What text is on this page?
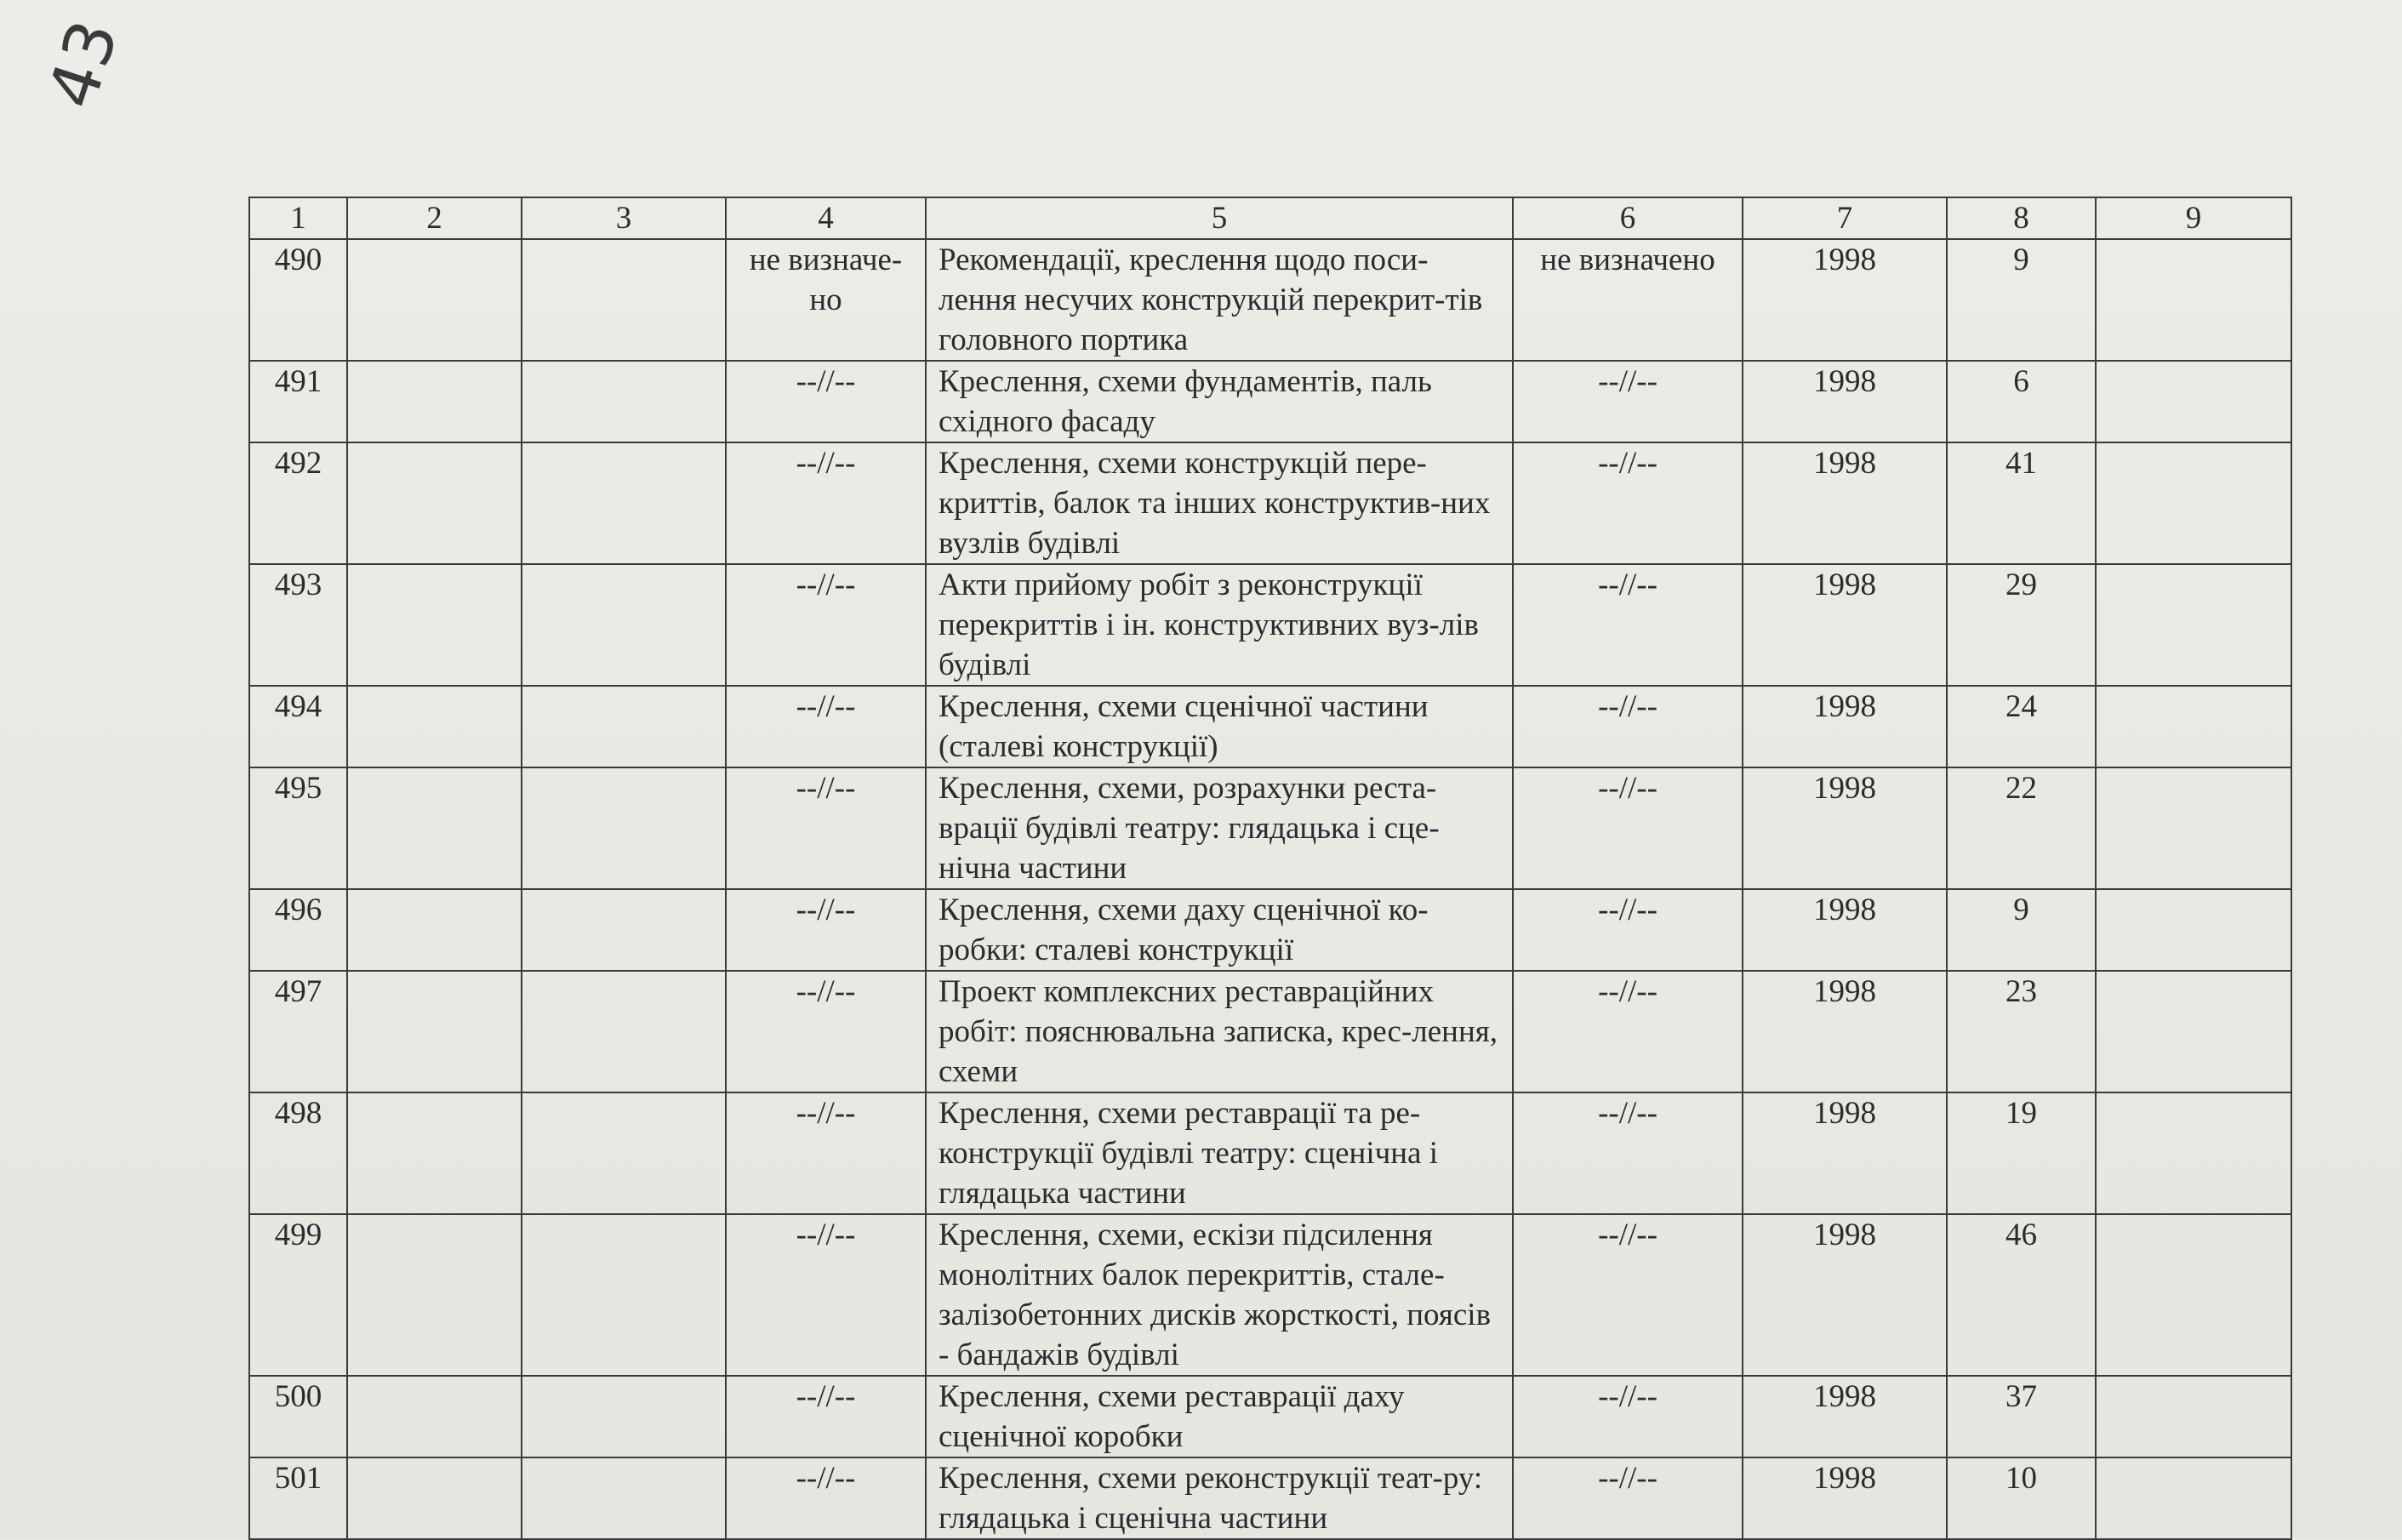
43
1	2	3	4	5	6	7	8	9
490			не визначе-но	Рекомендації, креслення щодо поси-лення несучих конструкцій перекрит-тів головного портика	не визначено	1998	9	
491			--//--	Креслення, схеми фундаментів, паль східного фасаду	--//--	1998	6	
492			--//--	Креслення, схеми конструкцій пере-криттів, балок та інших конструктив-них вузлів будівлі	--//--	1998	41	
493			--//--	Акти прийому робіт з реконструкції перекриттів і ін. конструктивних вуз-лів будівлі	--//--	1998	29	
494			--//--	Креслення, схеми сценічної частини (сталеві конструкції)	--//--	1998	24	
495			--//--	Креслення, схеми, розрахунки реста-врації будівлі театру: глядацька і сце-нічна частини	--//--	1998	22	
496			--//--	Креслення, схеми даху сценічної ко-робки: сталеві конструкції	--//--	1998	9	
497			--//--	Проект комплексних реставраційних робіт: пояснювальна записка, крес-лення, схеми	--//--	1998	23	
498			--//--	Креслення, схеми реставрації та ре-конструкції будівлі театру: сценічна і глядацька частини	--//--	1998	19	
499			--//--	Креслення, схеми, ескізи підсилення монолітних балок перекриттів, стале-залізобетонних дисків жорсткості, поясів - бандажів будівлі	--//--	1998	46	
500			--//--	Креслення, схеми реставрації даху сценічної коробки	--//--	1998	37	
501			--//--	Креслення, схеми реконструкції теат-ру: глядацька і сценічна частини	--//--	1998	10	
